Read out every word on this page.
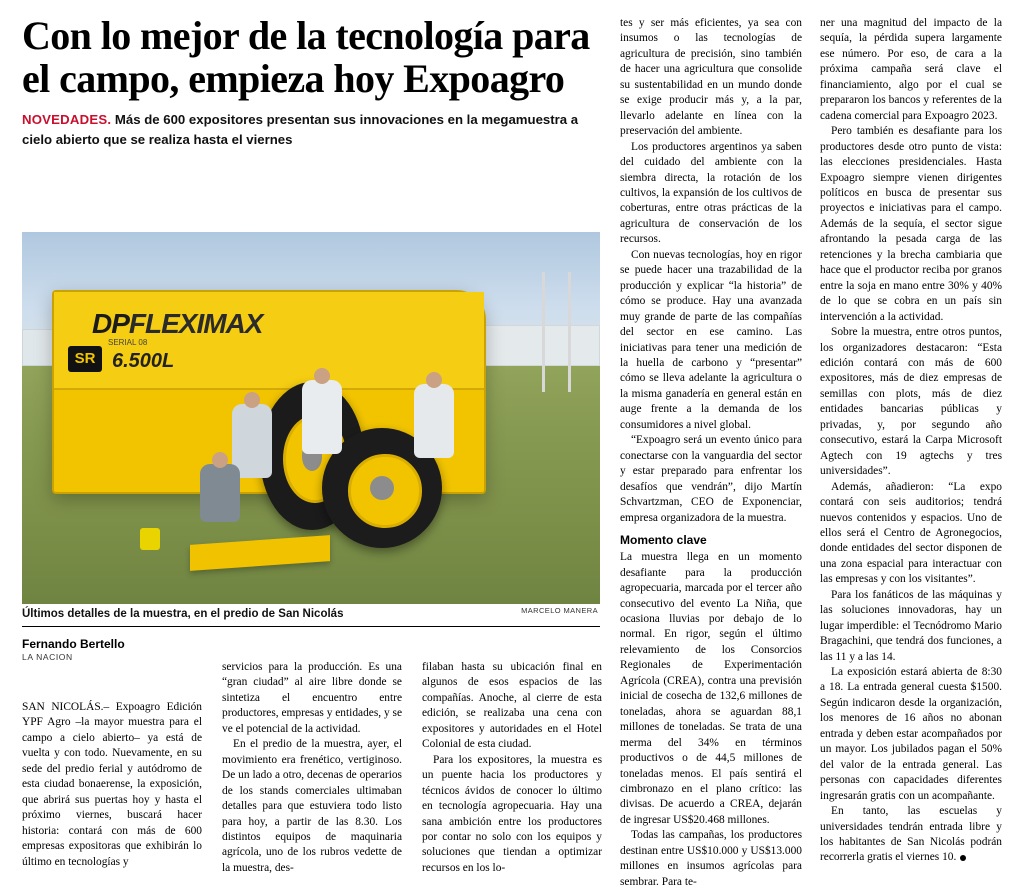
Con lo mejor de la tecnología para el campo, empieza hoy Expoagro
NOVEDADES. Más de 600 expositores presentan sus innovaciones en la megamuestra a cielo abierto que se realiza hasta el viernes
DPFLEXIMAX
SR
SERIAL 08
6.500L
MARCELO MANERA
Últimos detalles de la muestra, en el predio de San Nicolás
Fernando Bertello
LA NACION

SAN NICOLÁS.– Expoagro Edición YPF Agro –la mayor muestra para el campo a cielo abierto– ya está de vuelta y con todo. Nuevamente, en su sede del predio ferial y autódromo de esta ciudad bonaerense, la exposición, que abrirá sus puertas hoy y hasta el próximo viernes, buscará hacer historia: contará con más de 600 empresas expositoras que exhibirán lo último en tecnologías y

servicios para la producción. Es una “gran ciudad” al aire libre donde se sintetiza el encuentro entre productores, empresas y entidades, y se ve el potencial de la actividad.

En el predio de la muestra, ayer, el movimiento era frenético, vertiginoso. De un lado a otro, decenas de operarios de los stands comerciales ultimaban detalles para que estuviera todo listo para hoy, a partir de las 8.30. Los distintos equipos de maquinaria agrícola, uno de los rubros vedette de la muestra, des-

filaban hasta su ubicación final en algunos de esos espacios de las compañías. Anoche, al cierre de esta edición, se realizaba una cena con expositores y autoridades en el Hotel Colonial de esta ciudad.

Para los expositores, la muestra es un puente hacia los productores y técnicos ávidos de conocer lo último en tecnología agropecuaria. Hay una sana ambición entre los productores por contar no solo con los equipos y soluciones que tiendan a optimizar recursos en los lo-

tes y ser más eficientes, ya sea con insumos o las tecnologías de agricultura de precisión, sino también de hacer una agricultura que consolide su sustentabilidad en un mundo donde se exige producir más y, a la par, llevarlo adelante en línea con la preservación del ambiente.

Los productores argentinos ya saben del cuidado del ambiente con la siembra directa, la rotación de los cultivos, la expansión de los cultivos de coberturas, entre otras prácticas de la agricultura de conservación de los recursos.

Con nuevas tecnologías, hoy en rigor se puede hacer una trazabilidad de la producción y explicar “la historia” de cómo se produce. Hay una avanzada muy grande de parte de las compañías del sector en ese camino. Las iniciativas para tener una medición de la huella de carbono y “presentar” cómo se lleva adelante la agricultura o la misma ganadería en general están en auge frente a la demanda de los consumidores a nivel global.

“Expoagro será un evento único para conectarse con la vanguardia del sector y estar preparado para enfrentar los desafíos que vendrán”, dijo Martín Schvartzman, CEO de Exponenciar, empresa organizadora de la muestra.

Momento clave

La muestra llega en un momento desafiante para la producción agropecuaria, marcada por el tercer año consecutivo del evento La Niña, que ocasiona lluvias por debajo de lo normal. En rigor, según el último relevamiento de los Consorcios Regionales de Experimentación Agrícola (CREA), contra una previsión inicial de cosecha de 132,6 millones de toneladas, ahora se aguardan 88,1 millones de toneladas. Se trata de una merma del 34% en términos productivos o de 44,5 millones de toneladas menos. El país sentirá el cimbronazo en el plano crítico: las divisas. De acuerdo a CREA, dejarán de ingresar US$20.468 millones.

Todas las campañas, los productores destinan entre US$10.000 y US$13.000 millones en insumos agrícolas para sembrar. Para te-

ner una magnitud del impacto de la sequía, la pérdida supera largamente ese número. Por eso, de cara a la próxima campaña será clave el financiamiento, algo por el cual se prepararon los bancos y referentes de la cadena comercial para Expoagro 2023.

Pero también es desafiante para los productores desde otro punto de vista: las elecciones presidenciales. Hasta Expoagro siempre vienen dirigentes políticos en busca de presentar sus proyectos e iniciativas para el campo. Además de la sequía, el sector sigue afrontando la pesada carga de las retenciones y la brecha cambiaria que hace que el productor reciba por granos entre la soja en mano entre 30% y 40% de lo que se cobra en un país sin intervención a la actividad.

Sobre la muestra, entre otros puntos, los organizadores destacaron: “Esta edición contará con más de 600 expositores, más de diez empresas de semillas con plots, más de diez entidades bancarias públicas y privadas, y, por segundo año consecutivo, estará la Carpa Microsoft Agtech con 19 agtechs y tres universidades”.

Además, añadieron: “La expo contará con seis auditorios; tendrá nuevos contenidos y espacios. Uno de ellos será el Centro de Agronegocios, donde entidades del sector disponen de una zona espacial para interactuar con las empresas y con los visitantes”.

Para los fanáticos de las máquinas y las soluciones innovadoras, hay un lugar imperdible: el Tecnódromo Mario Bragachini, que tendrá dos funciones, a las 11 y a las 14.

La exposición estará abierta de 8:30 a 18. La entrada general cuesta $1500. Según indicaron desde la organización, los menores de 16 años no abonan entrada y deben estar acompañados por un mayor. Los jubilados pagan el 50% del valor de la entrada general. Las personas con capacidades diferentes ingresarán gratis con un acompañante.

En tanto, las escuelas y universidades tendrán entrada libre y los habitantes de San Nicolás podrán recorrerla gratis el viernes 10.
